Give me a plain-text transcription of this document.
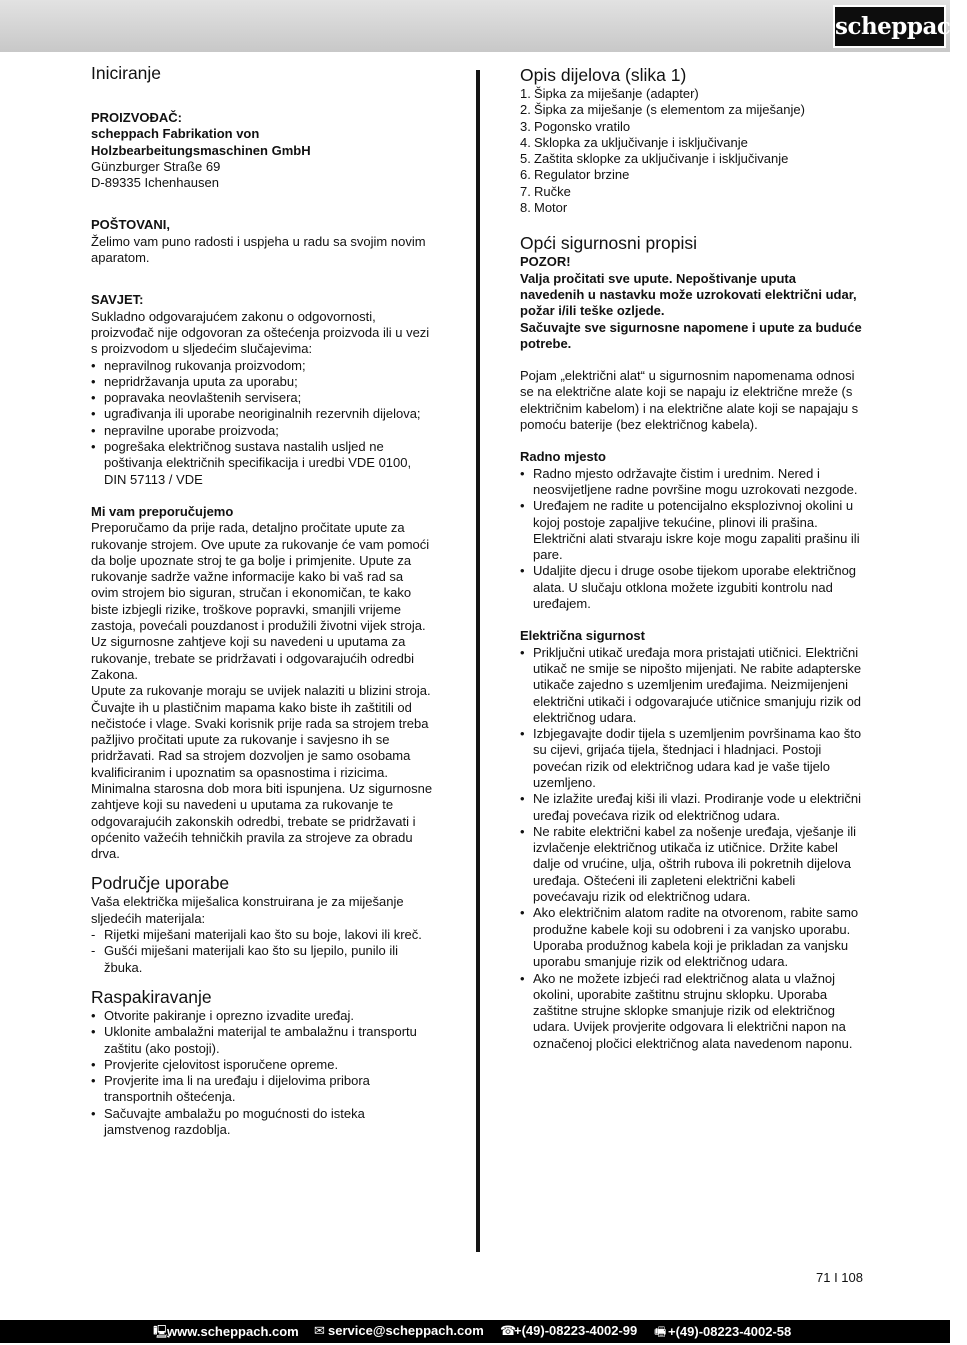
scheppach
Iniciranje

PROIZVOĐAČ:

scheppach Fabrikation von Holzbearbeitungsmaschinen GmbH

Günzburger Straße 69

D-89335 Ichenhausen

POŠTOVANI,

Želimo vam puno radosti i uspjeha u radu sa svojim novim aparatom.

SAVJET:

Sukladno odgovarajućem zakonu o odgovornosti, proizvođač nije odgovoran za oštećenja proizvoda ili u vezi s proizvodom u sljedećim slučajevima:

• nepravilnog rukovanja proizvodom;
• nepridržavanja uputa za uporabu;
• popravaka neovlaštenih servisera;
• ugrađivanja ili uporabe neoriginalnih rezervnih dijelova;
• nepravilne uporabe proizvoda;
• pogrešaka električnog sustava nastalih usljed ne poštivanja električnih specifikacija i uredbi VDE 0100, DIN 57113 / VDE

Mi vam preporučujemo

Preporučamo da prije rada, detaljno pročitate upute za rukovanje strojem. Ove upute za rukovanje će vam pomoći da bolje upoznate stroj te ga bolje i primjenite. Upute za rukovanje sadrže važne informacije kako bi vaš rad sa ovim strojem bio siguran, stručan i ekonomičan, te kako biste izbjegli rizike, troškove popravki, smanjili vrijeme zastoja, povećali pouzdanost i produžili životni vijek stroja.

Uz sigurnosne zahtjeve koji su navedeni u uputama za rukovanje, trebate se pridržavati i odgovarajućih odredbi Zakona.

Upute za rukovanje moraju se uvijek nalaziti u blizini stroja. Čuvajte ih u plastičnim mapama kako biste ih zaštitili od nečistoće i vlage. Svaki korisnik prije rada sa strojem treba pažljivo pročitati upute za rukovanje i savjesno ih se pridržavati. Rad sa strojem dozvoljen je samo osobama kvalificiranim i upoznatim sa opasnostima i rizicima. Minimalna starosna dob mora biti ispunjena. Uz sigurnosne zahtjeve koji su navedeni u uputama za rukovanje te odgovarajućih zakonskih odredbi, trebate se pridržavati i općenito važećih tehničkih pravila za strojeve za obradu drva.

Područje uporabe

Vaša električka miješalica konstruirana je za miješanje sljedećih materijala:

- Rijetki miješani materijali kao što su boje, lakovi ili kreč.
- Gušći miješani materijali kao što su ljepilo, punilo ili žbuka.
Raspakiravanje
• Otvorite pakiranje i oprezno izvadite uređaj.
• Uklonite ambalažni materijal te ambalažnu i transportu zaštitu (ako postoji).
• Provjerite cjelovitost isporučene opreme.
• Provjerite ima li na uređaju i dijelovima pribora transportnih oštećenja.
• Sačuvajte ambalažu po mogućnosti do isteka jamstvenog razdoblja.
Opis dijelova (slika 1)
1. Šipka za miješanje (adapter)
2. Šipka za miješanje (s elementom za miješanje)
3. Pogonsko vratilo
4. Sklopka za uključivanje i isključivanje
5. Zaštita sklopke za uključivanje i isključivanje
6. Regulator brzine
7. Ručke
8. Motor
Opći sigurnosni propisi

POZOR!

Valja pročitati sve upute. Nepoštivanje uputa navedenih u nastavku može uzrokovati električni udar, požar i/ili teške ozljede.

Sačuvajte sve sigurnosne napomene i upute za buduće potrebe.

Pojam „električni alat“ u sigurnosnim napomenama odnosi se na električne alate koji se napaju iz električne mreže (s električnim kabelom) i na električne alate koji se napajaju s pomoću baterije (bez električnog kabela).

Radno mjesto

• Radno mjesto održavajte čistim i urednim. Nered i neosvijetljene radne površine mogu uzrokovati nezgode.
• Uređajem ne radite u potencijalno eksplozivnoj okolini u kojoj postoje zapaljive tekućine, plinovi ili prašina. Električni alati stvaraju iskre koje mogu zapaliti prašinu ili pare.
• Udaljite djecu i druge osobe tijekom uporabe električnog alata. U slučaju otklona možete izgubiti kontrolu nad uređajem.

Električna sigurnost

• Priključni utikač uređaja mora pristajati utičnici. Električni utikač ne smije se nipošto mijenjati. Ne rabite adapterske utikače zajedno s uzemljenim uređajima. Neizmijenjeni električni utikači i odgovarajuće utičnice smanjuju rizik od električnog udara.
• Izbjegavajte dodir tijela s uzemljenim površinama kao što su cijevi, grijaća tijela, štednjaci i hladnjaci. Postoji povećan rizik od električnog udara kad je vaše tijelo uzemljeno.
• Ne izlažite uređaj kiši ili vlazi. Prodiranje vode u električni uređaj povećava rizik od električnog udara.
• Ne rabite električni kabel za nošenje uređaja, vješanje ili izvlačenje električnog utikača iz utičnice. Držite kabel dalje od vrućine, ulja, oštrih rubova ili pokretnih dijelova uređaja. Oštećeni ili zapleteni električni kabeli povećavaju rizik od električnog udara.
• Ako električnim alatom radite na otvorenom, rabite samo produžne kabele koji su odobreni i za vanjsko uporabu. Uporaba produžnog kabela koji je prikladan za vanjsku uporabu smanjuje rizik od električnog udara.
• Ako ne možete izbjeći rad električnog alata u vlažnoj okolini, uporabite zaštitnu strujnu sklopku. Uporaba zaštitne strujne sklopke smanjuje rizik od električnog udara. Uvijek provjerite odgovara li električni napon na označenoj pločici električnog alata navedenom naponu.
71 I 108
🖳www.scheppach.com ✉ service@scheppach.com ☎+(49)-08223-4002-99 🖷 +(49)-08223-4002-58
